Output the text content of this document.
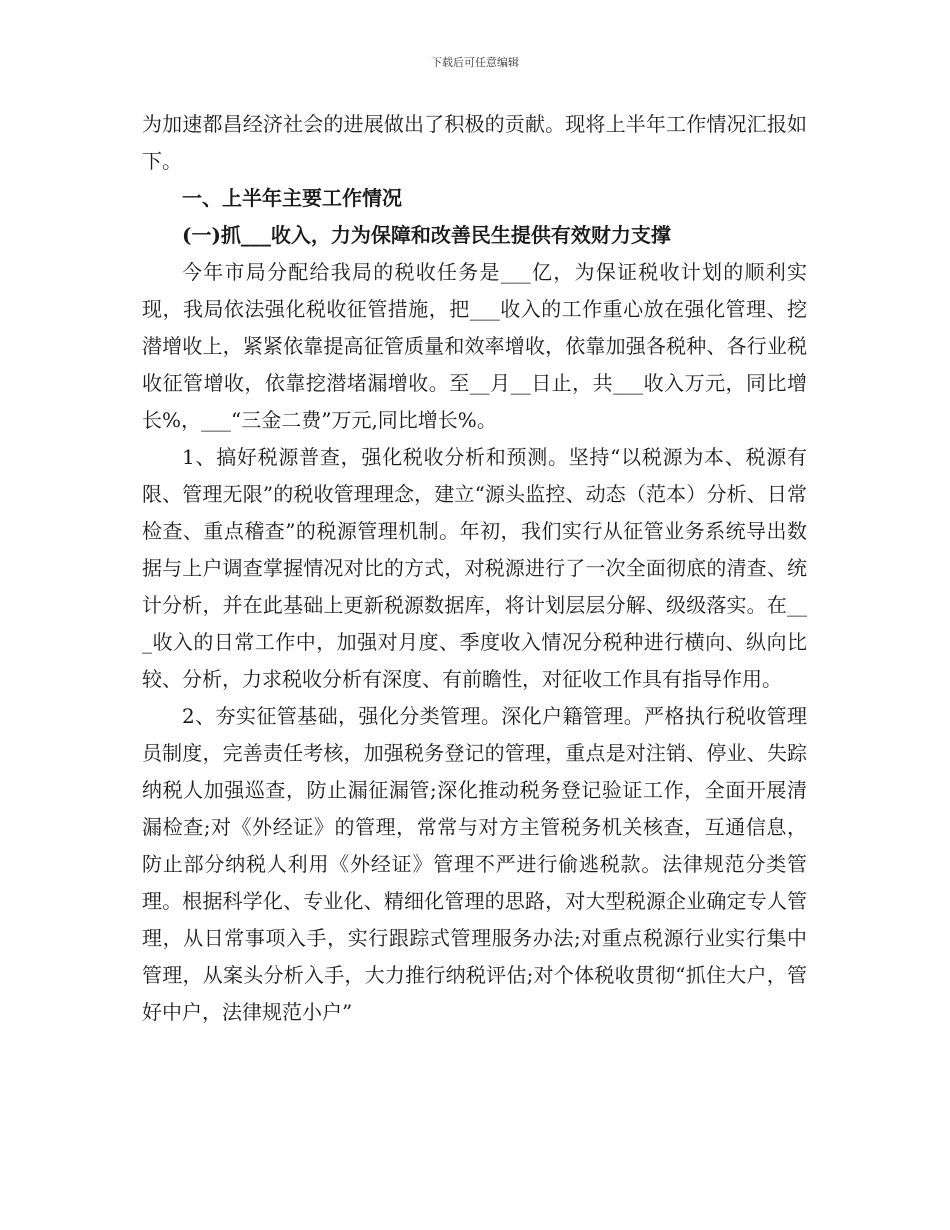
下载后可任意编辑

为加速都昌经济社会的进展做出了积极的贡献。现将上半年工作情况汇报如下。

一、上半年主要工作情况

(一)抓___收入，力为保障和改善民生提供有效财力支撑

今年市局分配给我局的税收任务是___亿，为保证税收计划的顺利实现，我局依法强化税收征管措施，把___收入的工作重心放在强化管理、挖潜增收上，紧紧依靠提高征管质量和效率增收，依靠加强各税种、各行业税收征管增收，依靠挖潜堵漏增收。至__月__日止，共___收入万元，同比增长%，___“三金二费”万元,同比增长%。

1、搞好税源普查，强化税收分析和预测。坚持“以税源为本、税源有限、管理无限”的税收管理理念，建立“源头监控、动态（范本）分析、日常检查、重点稽查”的税源管理机制。年初，我们实行从征管业务系统导出数据与上户调查掌握情况对比的方式，对税源进行了一次全面彻底的清查、统计分析，并在此基础上更新税源数据库，将计划层层分解、级级落实。在___收入的日常工作中，加强对月度、季度收入情况分税种进行横向、纵向比较、分析，力求税收分析有深度、有前瞻性，对征收工作具有指导作用。

2、夯实征管基础，强化分类管理。深化户籍管理。严格执行税收管理员制度，完善责任考核，加强税务登记的管理，重点是对注销、停业、失踪纳税人加强巡查，防止漏征漏管;深化推动税务登记验证工作，全面开展清漏检查;对《外经证》的管理，常常与对方主管税务机关核查，互通信息，防止部分纳税人利用《外经证》管理不严进行偷逃税款。法律规范分类管理。根据科学化、专业化、精细化管理的思路，对大型税源企业确定专人管理，从日常事项入手，实行跟踪式管理服务办法;对重点税源行业实行集中管理，从案头分析入手，大力推行纳税评估;对个体税收贯彻“抓住大户，管好中户，法律规范小户”
